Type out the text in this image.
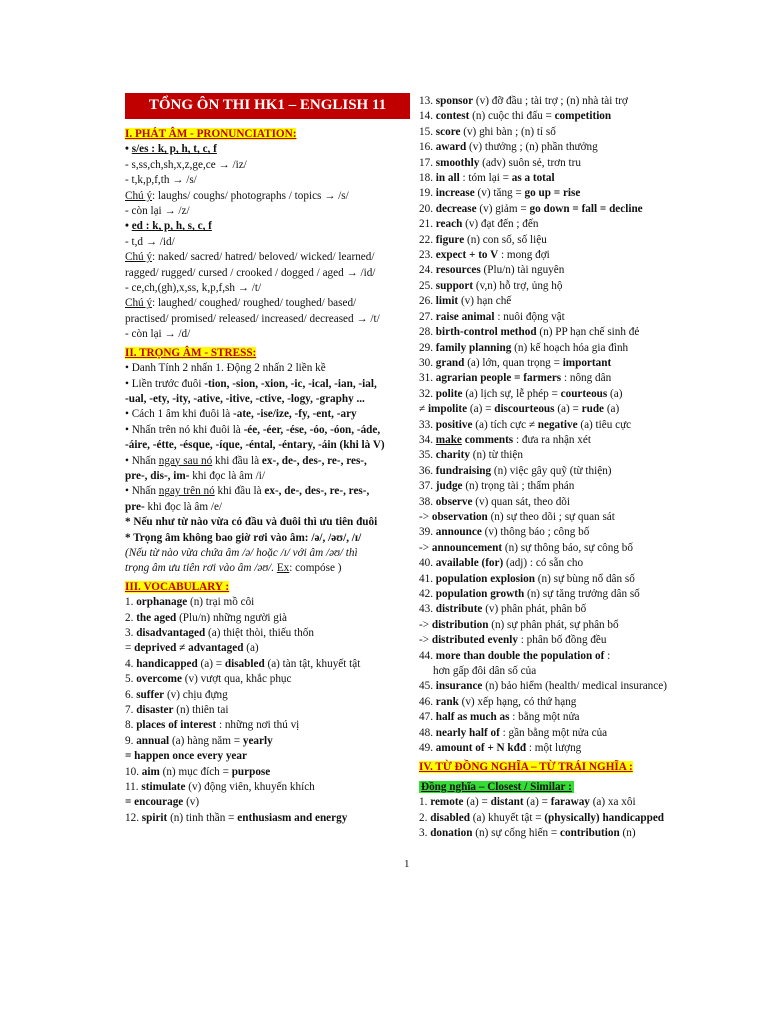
TỔNG ÔN THI HK1 – ENGLISH 11
I. PHÁT ÂM - PRONUNCIATION:
• s/es : k, p, h, t, c, f
- s,ss,ch,sh,x,z,ge,ce → /iz/
- t,k,p,f,th → /s/
Chú ý: laughs/ coughs/ photographs / topics → /s/
- còn lại → /z/
• ed : k, p, h, s, c, f
- t,d → /id/
Chú ý: naked/ sacred/ hatred/ beloved/ wicked/ learned/
ragged/ rugged/ cursed / crooked / dogged / aged → /id/
- ce,ch,(gh),x,ss, k,p,f,sh → /t/
Chú ý: laughed/ coughed/ roughed/ toughed/ based/
practised/ promised/ released/ increased/ decreased → /t/
- còn lại → /d/
II. TRỌNG ÂM - STRESS:
• Danh Tính 2 nhấn 1. Động 2 nhấn 2 liền kề
• Liền trước đuôi -tion, -sion, -xion, -ic, -ical, -ian, -ial,
-ual, -ety, -ity, -ative, -itive, -ctive, -logy, -graphy ...
• Cách 1 âm khi đuôi là -ate, -ise/ize, -fy, -ent, -ary
• Nhấn trên nó khi đuôi là -ée, -éer, -ése, -óo, -óon, -áde,
-áire, -étte, -ésque, -íque, -éntal, -éntary, -áin (khi là V)
• Nhấn ngay sau nó khi đầu là ex-, de-, des-, re-, res-,
pre-, dis-, im- khi đọc là âm /i/
• Nhấn ngay trên nó khi đầu là ex-, de-, des-, re-, res-,
pre- khi đọc là âm /e/
* Nếu như từ nào vừa có đầu và đuôi thì ưu tiên đuôi
* Trọng âm không bao giờ rơi vào âm: /ə/, /əʊ/, /ɪ/
(Nếu từ nào vừa chứa âm /ə/ hoặc /ɪ/ với âm /əʊ/ thì
trọng âm ưu tiên rơi vào âm /əʊ/. Ex: compóse )
III. VOCABULARY :
1. orphanage (n) trại mồ côi
2. the aged (Plu/n) những người già
3. disadvantaged (a) thiệt thòi, thiếu thốn
= deprived ≠ advantaged (a)
4. handicapped (a) = disabled (a) tàn tật, khuyết tật
5. overcome (v) vượt qua, khắc phục
6. suffer (v) chịu đựng
7. disaster (n) thiên tai
8. places of interest : những nơi thú vị
9. annual (a) hàng năm = yearly
= happen once every year
10. aim (n) mục đích = purpose
11. stimulate (v) động viên, khuyến khích
= encourage (v)
12. spirit (n) tinh thần = enthusiasm and energy
13. sponsor (v) đỡ đầu ; tài trợ ; (n) nhà tài trợ
14. contest (n) cuộc thi đấu = competition
15. score (v) ghi bàn ; (n) tỉ số
16. award (v) thưởng ; (n) phần thưởng
17. smoothly (adv) suôn sẻ, trơn tru
18. in all : tóm lại = as a total
19. increase (v) tăng = go up = rise
20. decrease (v) giảm = go down = fall = decline
21. reach (v) đạt đến ; đến
22. figure (n) con số, số liệu
23. expect + to V : mong đợi
24. resources (Plu/n) tài nguyên
25. support (v,n) hỗ trợ, ủng hộ
26. limit (v) hạn chế
27. raise animal : nuôi động vật
28. birth-control method (n) PP hạn chế sinh đẻ
29. family planning (n) kế hoạch hóa gia đình
30. grand (a) lớn, quan trọng = important
31. agrarian people = farmers : nông dân
32. polite (a) lịch sự, lễ phép = courteous (a)
≠ impolite (a) = discourteous (a) = rude (a)
33. positive (a) tích cực ≠ negative (a) tiêu cực
34. make comments : đưa ra nhận xét
35. charity (n) từ thiện
36. fundraising (n) việc gây quỹ (từ thiện)
37. judge (n) trọng tài ; thẩm phán
38. observe (v) quan sát, theo dõi
-> observation (n) sự theo dõi ; sự quan sát
39. announce (v) thông báo ; công bố
-> announcement (n) sự thông báo, sự công bố
40. available (for) (adj) : có sẵn cho
41. population explosion (n) sự bùng nổ dân số
42. population growth (n) sự tăng trưởng dân số
43. distribute (v) phân phát, phân bố
-> distribution (n) sự phân phát, sự phân bố
-> distributed evenly : phân bố đồng đều
44. more than double the population of :
hơn gấp đôi dân số của
45. insurance (n) bảo hiểm (health/ medical insurance)
46. rank (v) xếp hạng, có thứ hạng
47. half as much as : bằng một nửa
48. nearly half of : gần bằng một nửa của
49. amount of + N kđđ : một lượng
IV. TỪ ĐỒNG NGHĨA – TỪ TRÁI NGHĨA :
Đồng nghĩa – Closest / Similar :
1. remote (a) = distant (a) = faraway (a) xa xôi
2. disabled (a) khuyết tật = (physically) handicapped
3. donation (n) sự cống hiến = contribution (n)
1
